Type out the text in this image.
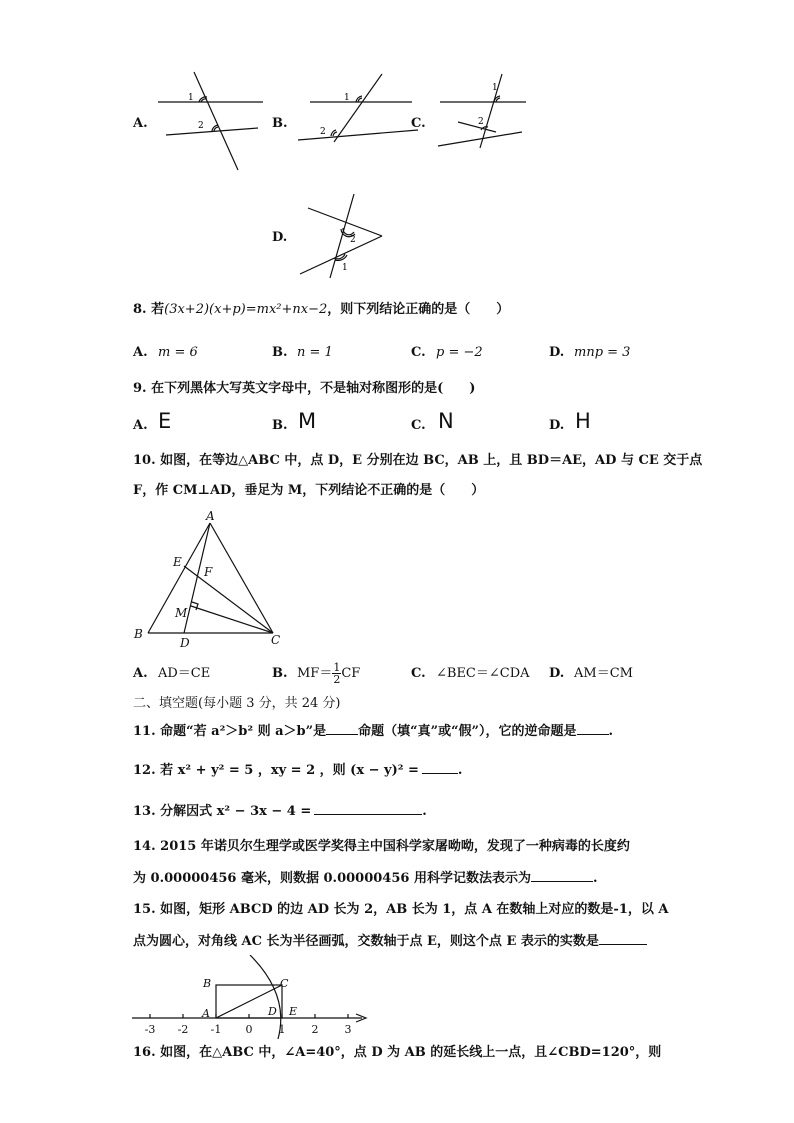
A.
1
2	B.
1
2
C.
1
2
D.	2
1
8. 若(3x+2)(x+p)=mx²+nx−2，则下列结论正确的是（　　）
A. m = 6	B. n = 1	C. p = −2	D. mnp = 3
9. 在下列黑体大写英文字母中，不是轴对称图形的是(　　)
A. E	B. M	C. N	D. H
10. 如图，在等边△ABC 中，点 D，E 分别在边 BC，AB 上，且 BD＝AE，AD 与 CE 交于点
F，作 CM⊥AD，垂足为 M，下列结论不正确的是（　　）
A
B	C
D
E
F
M
A. AD＝CE	B. $MF= \frac{1}{2}$ CF	C. ∠BEC＝∠CDA D. AM＝CM
二、填空题(每小题 3 分，共 24 分)
11. 命题“若 a²＞b² 则 a＞b”是 命题（填“真”或“假”），它的逆命题是 .
12. 若 x² + y² = 5 ，xy = 2 ，则 (x − y)² =	.
13. 分解因式 x² − 3x − 4 =	.
14. 2015 年诺贝尔生理学或医学奖得主中国科学家屠呦呦，发现了一种病毒的长度约
为 0.00000456 毫米，则数据 0.00000456 用科学记数法表示为	.
15. 如图，矩形 ABCD 的边 AD 长为 2，AB 长为 1，点 A 在数轴上对应的数是-1，以 A
点为圆心，对角线 AC 长为半径画弧，交数轴于点 E，则这个点 E 表示的实数是
B	C
A	D E
-3 -2 -1 0 1 2 3
16. 如图，在△ABC 中，∠A=40°，点 D 为 AB 的延长线上一点，且∠CBD=120°，则
